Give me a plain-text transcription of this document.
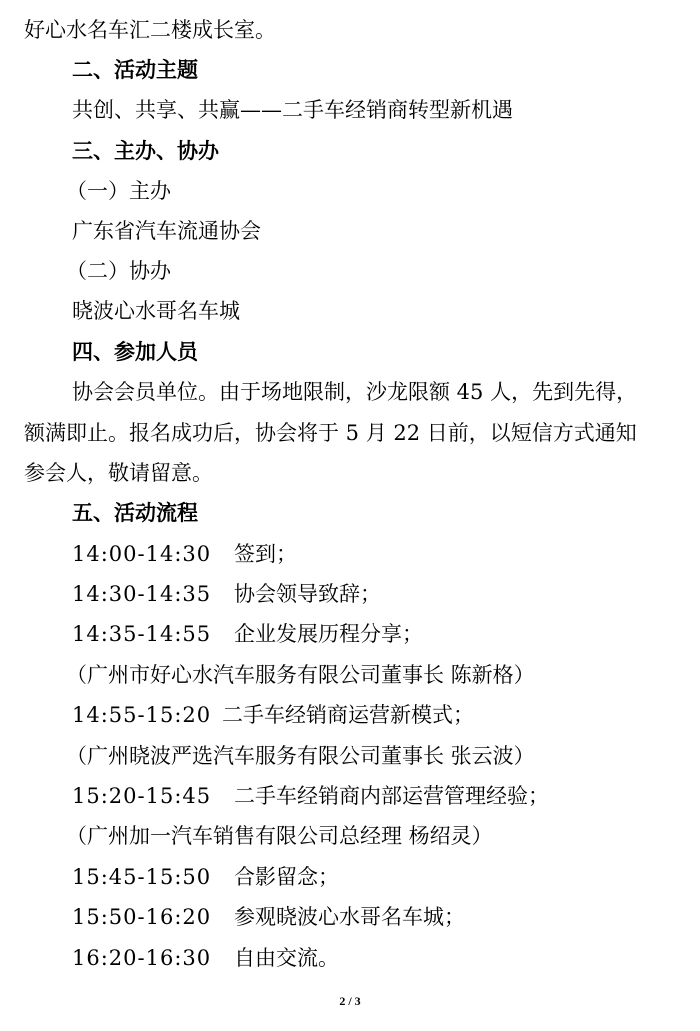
好心水名车汇二楼成长室。
二、活动主题
共创、共享、共赢——二手车经销商转型新机遇
三、主办、协办
（一）主办
广东省汽车流通协会
（二）协办
晓波心水哥名车城
四、参加人员
协会会员单位。由于场地限制，沙龙限额 45 人，先到先得，
额满即止。报名成功后，协会将于 5 月 22 日前，以短信方式通知
参会人，敬请留意。
五、活动流程
14:00-14:30 签到；
14:30-14:35 协会领导致辞；
14:35-14:55 企业发展历程分享；
（广州市好心水汽车服务有限公司董事长 陈新格）
14:55-15:20 二手车经销商运营新模式；
（广州晓波严选汽车服务有限公司董事长 张云波）
15:20-15:45 二手车经销商内部运营管理经验；
（广州加一汽车销售有限公司总经理 杨绍灵）
15:45-15:50 合影留念；
15:50-16:20 参观晓波心水哥名车城；
16:20-16:30 自由交流。
2 / 3
